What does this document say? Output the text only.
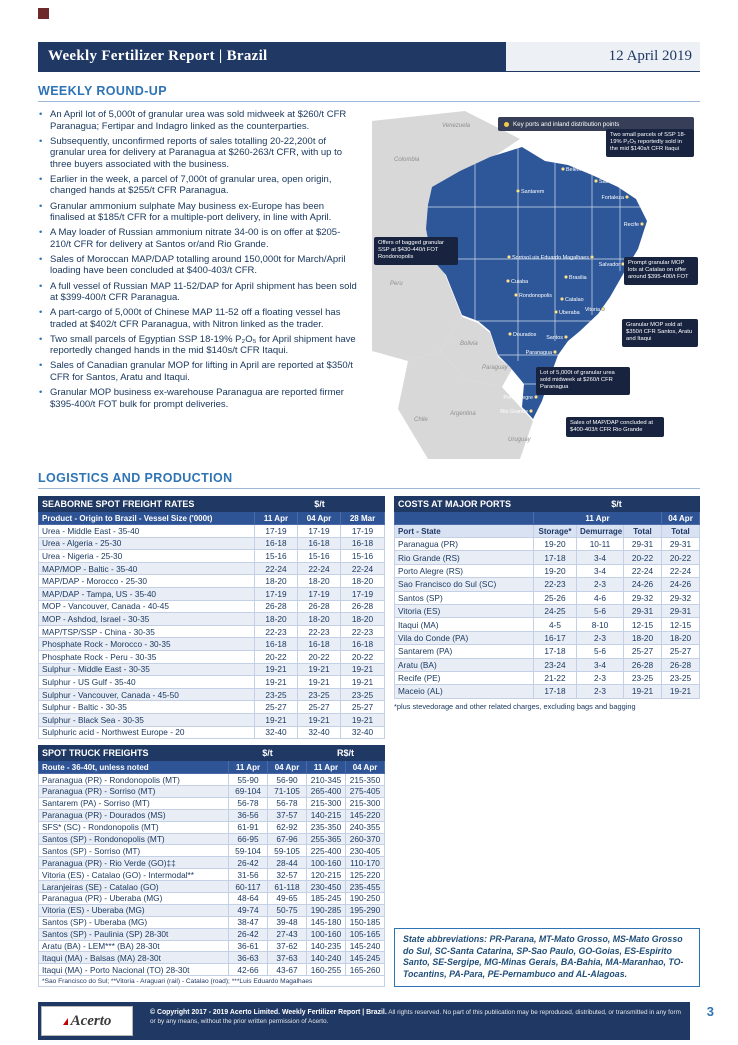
Weekly Fertilizer Report | Brazil	12 April 2019
WEEKLY ROUND-UP
• An April lot of 5,000t of granular urea was sold midweek at $260/t CFR Paranagua; Fertipar and Indagro linked as the counterparties.
• Subsequently, unconfirmed reports of sales totalling 20-22,200t of granular urea for delivery at Paranagua at $260-263/t CFR, with up to three buyers associated with the business.
• Earlier in the week, a parcel of 7,000t of granular urea, open origin, changed hands at $255/t CFR Paranagua.
• Granular ammonium sulphate May business ex-Europe has been finalised at $185/t CFR for a multiple-port delivery, in line with April.
• A May loader of Russian ammonium nitrate 34-00 is on offer at $205-210/t CFR for delivery at Santos or/and Rio Grande.
• Sales of Moroccan MAP/DAP totalling around 150,000t for March/April loading have been concluded at $400-403/t CFR.
• A full vessel of Russian MAP 11-52/DAP for April shipment has been sold at $399-400/t CFR Paranagua.
• A part-cargo of 5,000t of Chinese MAP 11-52 off a floating vessel has traded at $402/t CFR Paranagua, with Nitron linked as the trader.
• Two small parcels of Egyptian SSP 18-19% P₂O₅ for April shipment have reportedly changed hands in the mid $140s/t CFR Itaqui.
• Sales of Canadian granular MOP for lifting in April are reported at $350/t CFR for Santos, Aratu and Itaqui.
• Granular MOP business ex-warehouse Paranagua are reported firmer $395-400/t FOT bulk for prompt deliveries.
Colombia
Venezuela
Peru
Bolivia
Paraguay
Chile
Argentina
Uruguay
Santarem
Belem
Sao Luis
Fortaleza
Recife
Salvador
Luis Eduardo Magalhaes
Brasilia
Catalao
Uberaba
Cuiaba
Rondonopolis
Sorriso
Dourados
Vitoria
Santos
Paranagua
Porto Alegre
Rio Grande
Key ports and inland distribution points
Two small parcels of SSP 18-19% P₂O₅ reportedly sold in the mid $140s/t CFR Itaqui
Offers of bagged granular SSP at $430-440/t FOT Rondonopolis
Prompt granular MOP lots at Catalao on offer around $395-400/t FOT
Granular MOP sold at $350/t CFR Santos, Aratu and Itaqui
Lot of 5,000t of granular urea sold midweek at $260/t CFR Paranagua
Sales of MAP/DAP concluded at $400-403/t CFR Rio Grande
LOGISTICS AND PRODUCTION
SEABORNE SPOT FREIGHT RATES	$/t		
Product - Origin to Brazil - Vessel Size ('000t)	11 Apr	04 Apr	28 Mar
Urea - Middle East - 35-40	17-19	17-19	17-19
Urea - Algeria - 25-30	16-18	16-18	16-18
Urea - Nigeria - 25-30	15-16	15-16	15-16
MAP/MOP - Baltic - 35-40	22-24	22-24	22-24
MAP/DAP - Morocco - 25-30	18-20	18-20	18-20
MAP/DAP - Tampa, US - 35-40	17-19	17-19	17-19
MOP - Vancouver, Canada - 40-45	26-28	26-28	26-28
MOP - Ashdod, Israel - 30-35	18-20	18-20	18-20
MAP/TSP/SSP - China - 30-35	22-23	22-23	22-23
Phosphate Rock - Morocco - 30-35	16-18	16-18	16-18
Phosphate Rock - Peru - 30-35	20-22	20-22	20-22
Sulphur - Middle East - 30-35	19-21	19-21	19-21
Sulphur - US Gulf - 35-40	19-21	19-21	19-21
Sulphur - Vancouver, Canada - 45-50	23-25	23-25	23-25
Sulphur - Baltic - 30-35	25-27	25-27	25-27
Sulphur - Black Sea - 30-35	19-21	19-21	19-21
Sulphuric acid - Northwest Europe - 20	32-40	32-40	32-40
SPOT TRUCK FREIGHTS	$/t		R$/t	
Route - 36-40t, unless noted	11 Apr	04 Apr	11 Apr	04 Apr
Paranagua (PR) - Rondonopolis (MT)	55-90	56-90	210-345	215-350
Paranagua (PR) - Sorriso (MT)	69-104	71-105	265-400	275-405
Santarem (PA) - Sorriso (MT)	56-78	56-78	215-300	215-300
Paranagua (PR) - Dourados (MS)	36-56	37-57	140-215	145-220
SFS* (SC) - Rondonopolis (MT)	61-91	62-92	235-350	240-355
Santos (SP) - Rondonopolis (MT)	66-95	67-96	255-365	260-370
Santos (SP) - Sorriso (MT)	59-104	59-105	225-400	230-405
Paranagua (PR) - Rio Verde (GO)‡‡	26-42	28-44	100-160	110-170
Vitoria (ES) - Catalao (GO) - Intermodal**	31-56	32-57	120-215	125-220
Laranjeiras (SE) - Catalao (GO)	60-117	61-118	230-450	235-455
Paranagua (PR) - Uberaba (MG)	48-64	49-65	185-245	190-250
Vitoria (ES) - Uberaba (MG)	49-74	50-75	190-285	195-290
Santos (SP) - Uberaba (MG)	38-47	39-48	145-180	150-185
Santos (SP) - Paulinia (SP) 28-30t	26-42	27-43	100-160	105-165
Aratu (BA) - LEM*** (BA) 28-30t	36-61	37-62	140-235	145-240
Itaqui (MA) - Balsas (MA) 28-30t	36-63	37-63	140-240	145-245
Itaqui (MA) - Porto Nacional (TO) 28-30t	42-66	43-67	160-255	165-260
*Sao Francisco do Sul; **Vitoria - Araguari (rail) - Catalao (road); ***Luis Eduardo Magalhaes				
COSTS AT MAJOR PORTS	$/t			
	11 Apr			04 Apr
Port - State	Storage*	Demurrage	Total	Total
Paranagua (PR)	19-20	10-11	29-31	29-31
Rio Grande (RS)	17-18	3-4	20-22	20-22
Porto Alegre (RS)	19-20	3-4	22-24	22-24
Sao Francisco do Sul (SC)	22-23	2-3	24-26	24-26
Santos (SP)	25-26	4-6	29-32	29-32
Vitoria (ES)	24-25	5-6	29-31	29-31
Itaqui (MA)	4-5	8-10	12-15	12-15
Vila do Conde (PA)	16-17	2-3	18-20	18-20
Santarem (PA)	17-18	5-6	25-27	25-27
Aratu (BA)	23-24	3-4	26-28	26-28
Recife (PE)	21-22	2-3	23-25	23-25
Maceio (AL)	17-18	2-3	19-21	19-21
*plus stevedorage and other related charges, excluding bags and bagging
State abbreviations: PR-Parana, MT-Mato Grosso, MS-Mato Grosso do Sul, SC-Santa Catarina, SP-Sao Paulo, GO-Goias, ES-Espirito Santo, SE-Sergipe, MG-Minas Gerais, BA-Bahia, MA-Maranhao, TO-Tocantins, PA-Para, PE-Pernambuco and AL-Alagoas.
© Copyright 2017 - 2019 Acerto Limited. Weekly Fertilizer Report | Brazil. All rights reserved. No part of this publication may be reproduced, distributed, or transmitted in any form or by any means, without the prior written permission of Acerto.
Acerto
3
